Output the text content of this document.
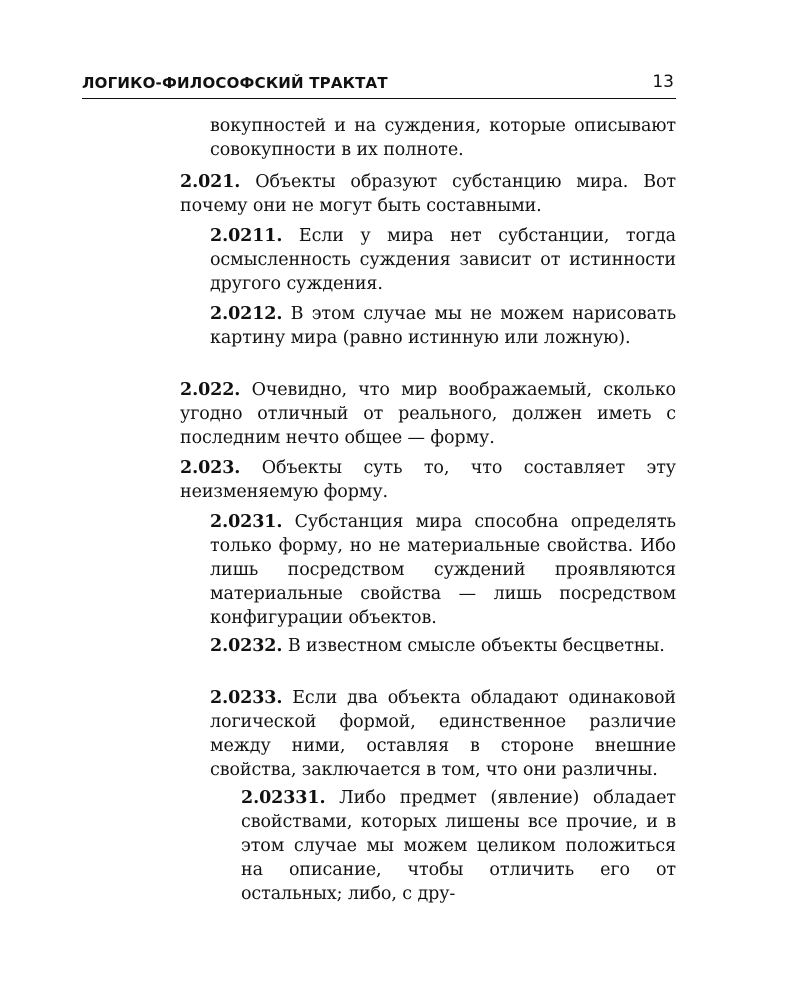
ЛОГИКО-ФИЛОСОФСКИЙ ТРАКТАТ	13
вокупностей и на суждения, которые описывают совокупности в их полноте.
2.021. Объекты образуют субстанцию мира. Вот почему они не могут быть составными.
2.0211. Если у мира нет субстанции, тогда осмысленность суждения зависит от истинности другого суждения.
2.0212. В этом случае мы не можем нарисовать картину мира (равно истинную или ложную).
2.022. Очевидно, что мир воображаемый, сколько угодно отличный от реального, должен иметь с последним нечто общее — форму.
2.023. Объекты суть то, что составляет эту неизменяемую форму.
2.0231. Субстанция мира способна определять только форму, но не материальные свойства. Ибо лишь посредством суждений проявляются материальные свойства — лишь посредством конфигурации объектов.
2.0232. В известном смысле объекты бесцветны.
2.0233. Если два объекта обладают одинаковой логической формой, единственное различие между ними, оставляя в стороне внешние свойства, заключается в том, что они различны.
2.02331. Либо предмет (явление) обладает свойствами, которых лишены все прочие, и в этом случае мы можем целиком положиться на описание, чтобы отличить его от остальных; либо, с дру-
